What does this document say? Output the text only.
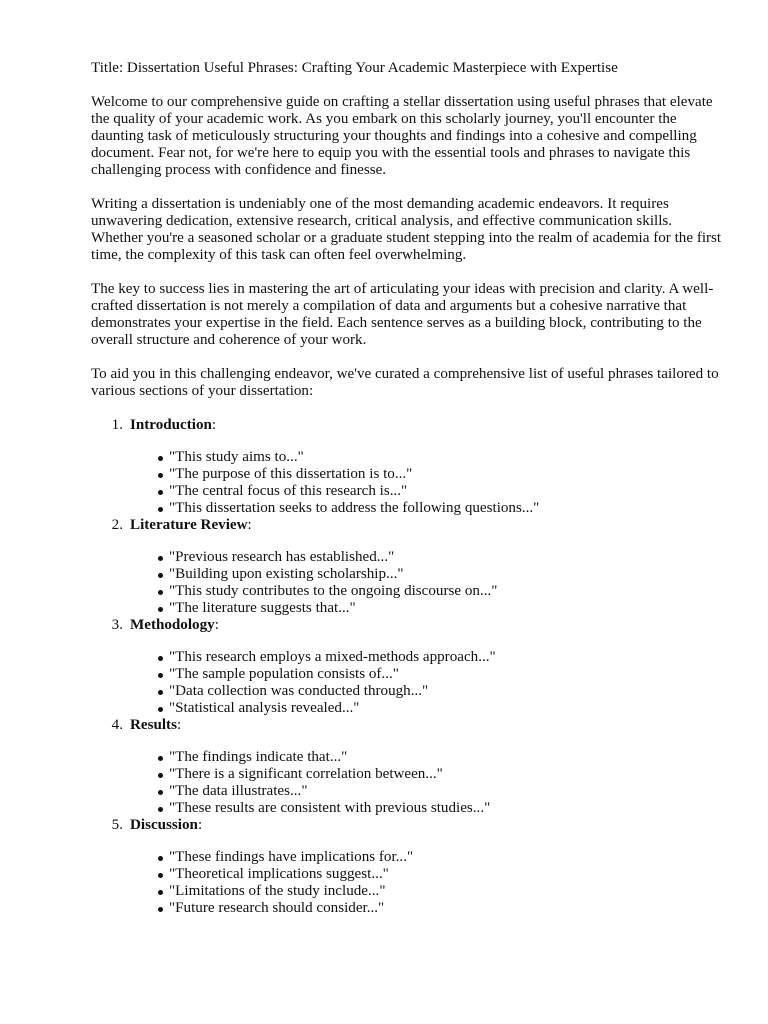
Title: Dissertation Useful Phrases: Crafting Your Academic Masterpiece with Expertise

Welcome to our comprehensive guide on crafting a stellar dissertation using useful phrases that elevate the quality of your academic work. As you embark on this scholarly journey, you'll encounter the daunting task of meticulously structuring your thoughts and findings into a cohesive and compelling document. Fear not, for we're here to equip you with the essential tools and phrases to navigate this challenging process with confidence and finesse.

Writing a dissertation is undeniably one of the most demanding academic endeavors. It requires unwavering dedication, extensive research, critical analysis, and effective communication skills. Whether you're a seasoned scholar or a graduate student stepping into the realm of academia for the first time, the complexity of this task can often feel overwhelming.

The key to success lies in mastering the art of articulating your ideas with precision and clarity. A well-crafted dissertation is not merely a compilation of data and arguments but a cohesive narrative that demonstrates your expertise in the field. Each sentence serves as a building block, contributing to the overall structure and coherence of your work.

To aid you in this challenging endeavor, we've curated a comprehensive list of useful phrases tailored to various sections of your dissertation:

1. Introduction :
"This study aims to..."
"The purpose of this dissertation is to..."
"The central focus of this research is..."
"This dissertation seeks to address the following questions..."
2. Literature Review :
"Previous research has established..."
"Building upon existing scholarship..."
"This study contributes to the ongoing discourse on..."
"The literature suggests that..."
3. Methodology :
"This research employs a mixed-methods approach..."
"The sample population consists of..."
"Data collection was conducted through..."
"Statistical analysis revealed..."
4. Results :
"The findings indicate that..."
"There is a significant correlation between..."
"The data illustrates..."
"These results are consistent with previous studies..."
5. Discussion :
"These findings have implications for..."
"Theoretical implications suggest..."
"Limitations of the study include..."
"Future research should consider..."
